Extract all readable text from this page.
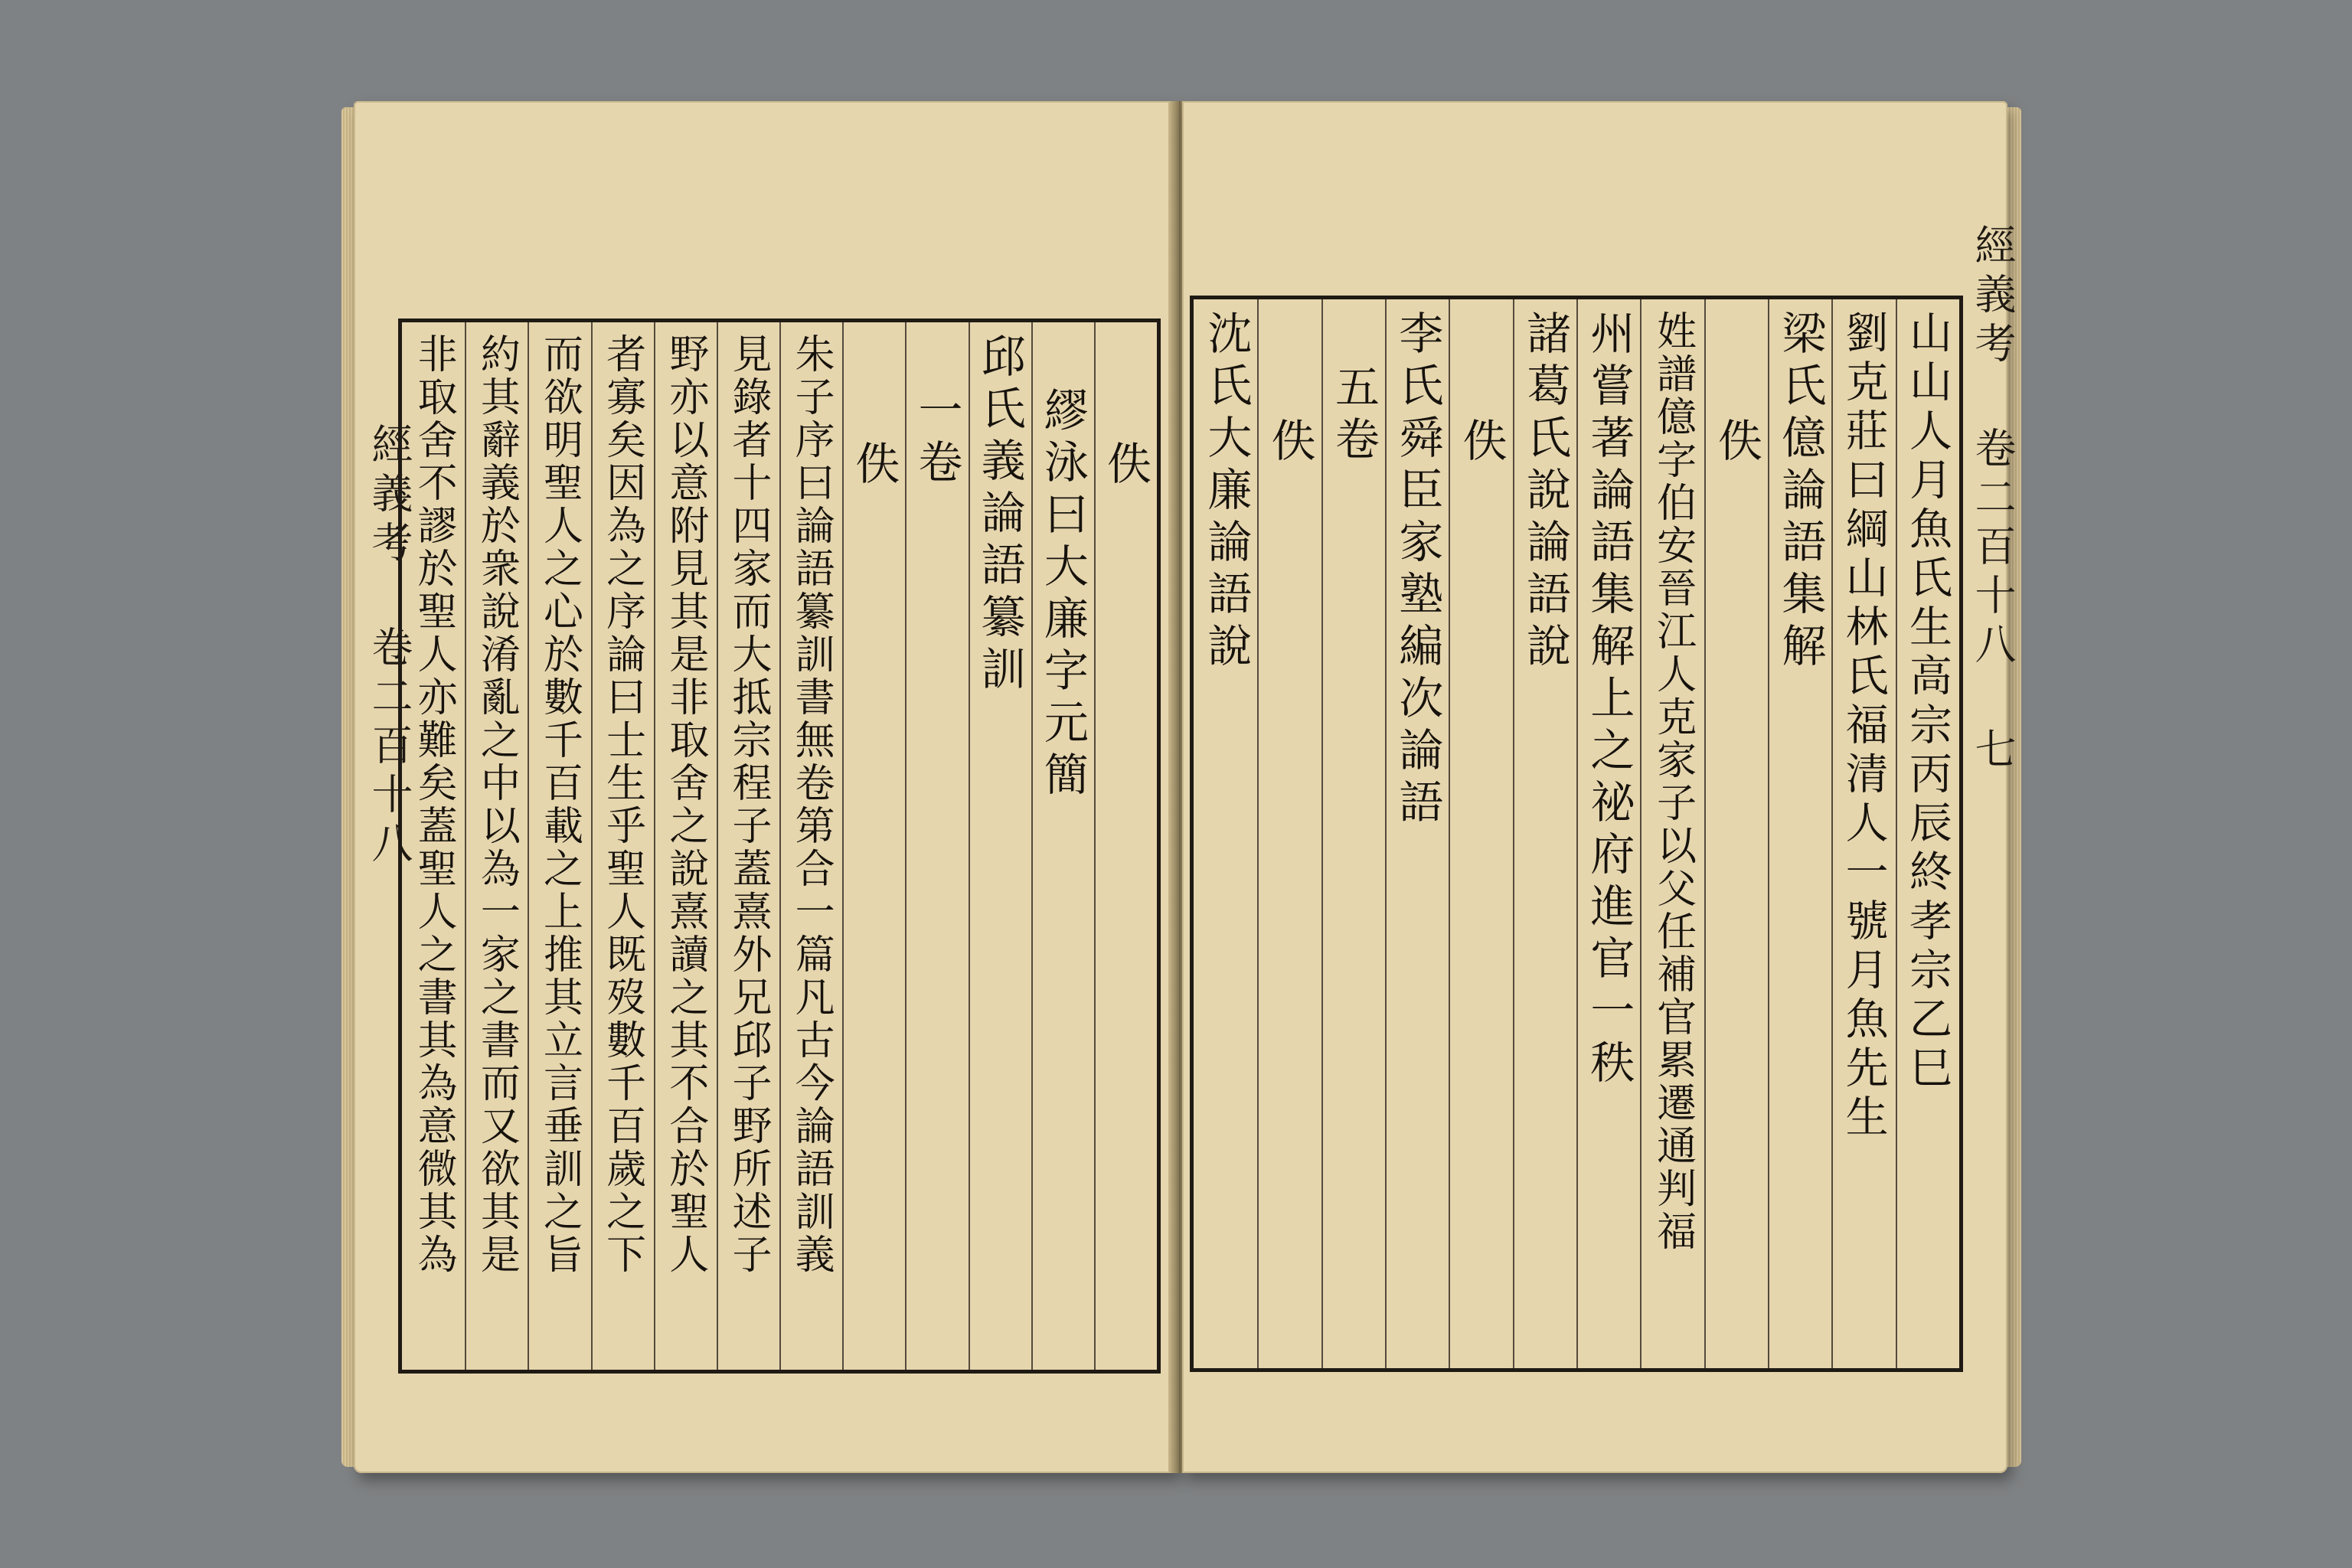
經義考 卷二百十八	佚
繆泳曰大廉字元簡
邱氏義論語纂訓
一卷
佚
朱子序曰論語纂訓書無卷第合一篇凡古今論語訓義
見錄者十四家而大抵宗程子蓋熹外兄邱子野所述子
野亦以意附見其是非取舍之說熹讀之其不合於聖人
者寡矣因為之序論曰士生乎聖人既歿數千百歲之下
而欲明聖人之心於數千百載之上推其立言垂訓之旨
約其辭義於衆說淆亂之中以為一家之書而又欲其是
非取舍不謬於聖人亦難矣蓋聖人之書其為意微其為	山山人月魚氏生高宗丙辰終孝宗乙巳
劉克莊曰綱山林氏福清人一號月魚先生
梁氏億論語集解
佚
姓譜億字伯安晉江人克家子以父任補官累遷通判福
州嘗著論語集解上之祕府進官一秩
諸葛氏說論語說
佚
李氏舜臣家塾編次論語
五卷
佚
沈氏大廉論語說	經義考 卷二百十八 七
